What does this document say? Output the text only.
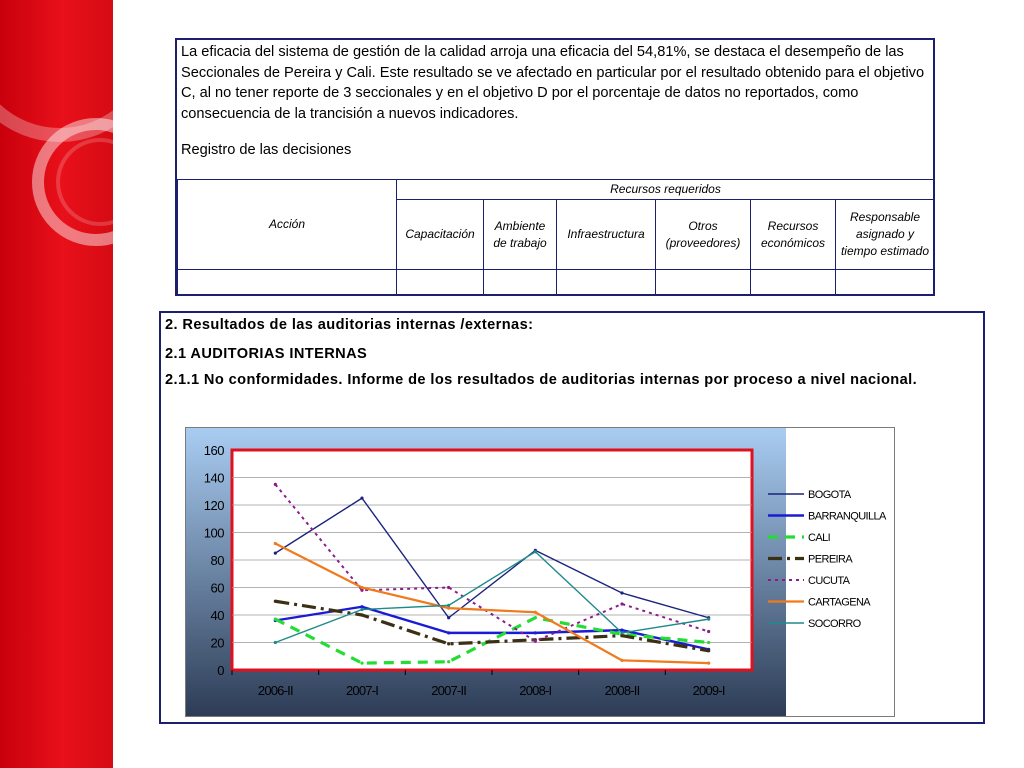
La eficacia del sistema de gestión de la calidad arroja una eficacia del 54,81%, se destaca el desempeño de las Seccionales de Pereira y Cali. Este resultado se ve afectado en particular por el resultado obtenido para el objetivo C, al no tener reporte de 3 seccionales y en el objetivo D por el porcentaje de datos no reportados, como consecuencia de la trancisión a nuevos indicadores.
Registro de las decisiones
Acción	Recursos requeridos					
	Capacitación	Ambiente de trabajo	Infraestructura	Otros (proveedores)	Recursos económicos	Responsable asignado y tiempo estimado

2. Resultados de las auditorias internas /externas:
2.1 AUDITORIAS INTERNAS
2.1.1 No conformidades. Informe de los resultados de auditorias internas por proceso a nivel nacional.
0
20
40
60
80
100
120
140
160
2006-II	2007-I	2007-II	2008-I	2008-II	2009-I
BOGOTA
BARRANQUILLA
CALI
PEREIRA
CUCUTA
CARTAGENA
SOCORRO
